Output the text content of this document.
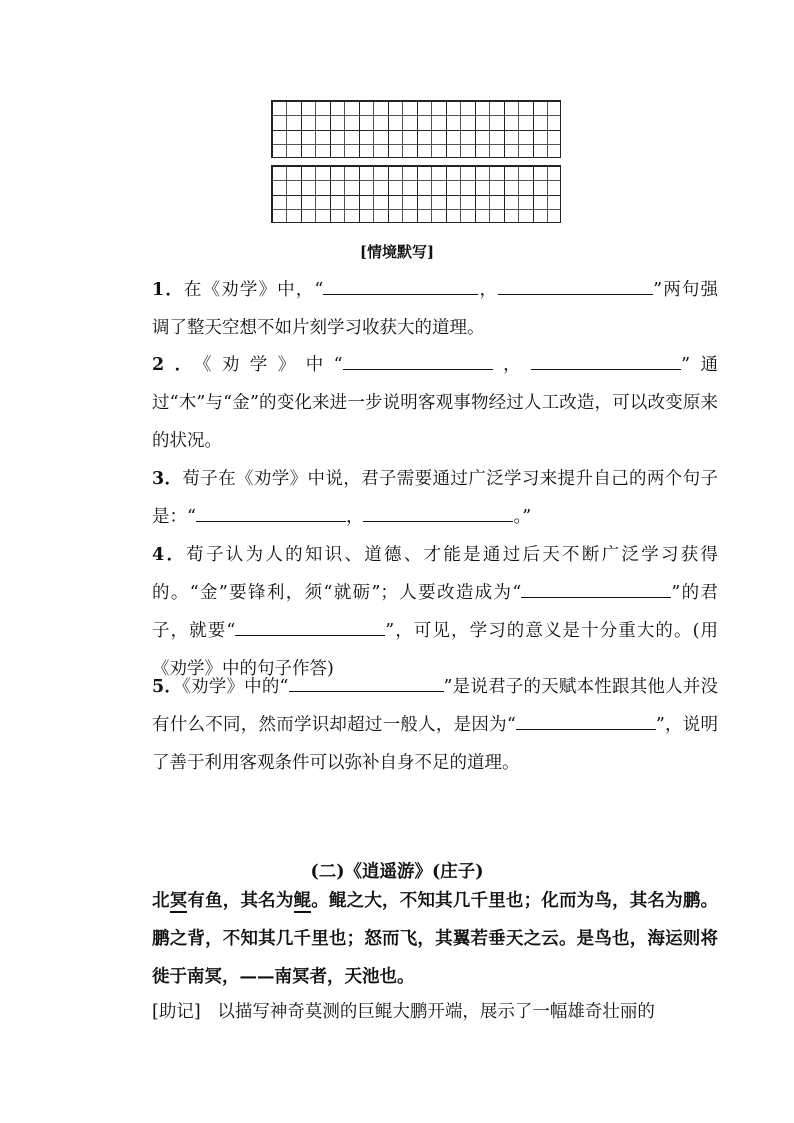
[情境默写]

1．在《劝学》中，“	，	”两句强调了整天空想不如片刻学习收获大的道理。

2．《劝学》中“	，	”通过“木”与“金”的变化来进一步说明客观事物经过人工改造，可以改变原来的状况。

3．荀子在《劝学》中说，君子需要通过广泛学习来提升自己的两个句子是：“	，	。”

4．荀子认为人的知识、道德、才能是通过后天不断广泛学习获得的。“金”要锋利，须“就砺”；人要改造成为“	”的君子，就要“	”，可见，学习的意义是十分重大的。(用《劝学》中的句子作答)

5．《劝学》中的“	”是说君子的天赋本性跟其他人并没有什么不同，然而学识却超过一般人，是因为“	”，说明了善于利用客观条件可以弥补自身不足的道理。

(二)《逍遥游》(庄子)

北冥有鱼，其名为鲲。鲲之大，不知其几千里也；化而为鸟，其名为鹏。鹏之背，不知其几千里也；怒而飞，其翼若垂天之云。是鸟也，海运则将徙于南冥，——南冥者，天池也。

[助记] 以描写神奇莫测的巨鲲大鹏开端，展示了一幅雄奇壮丽的
